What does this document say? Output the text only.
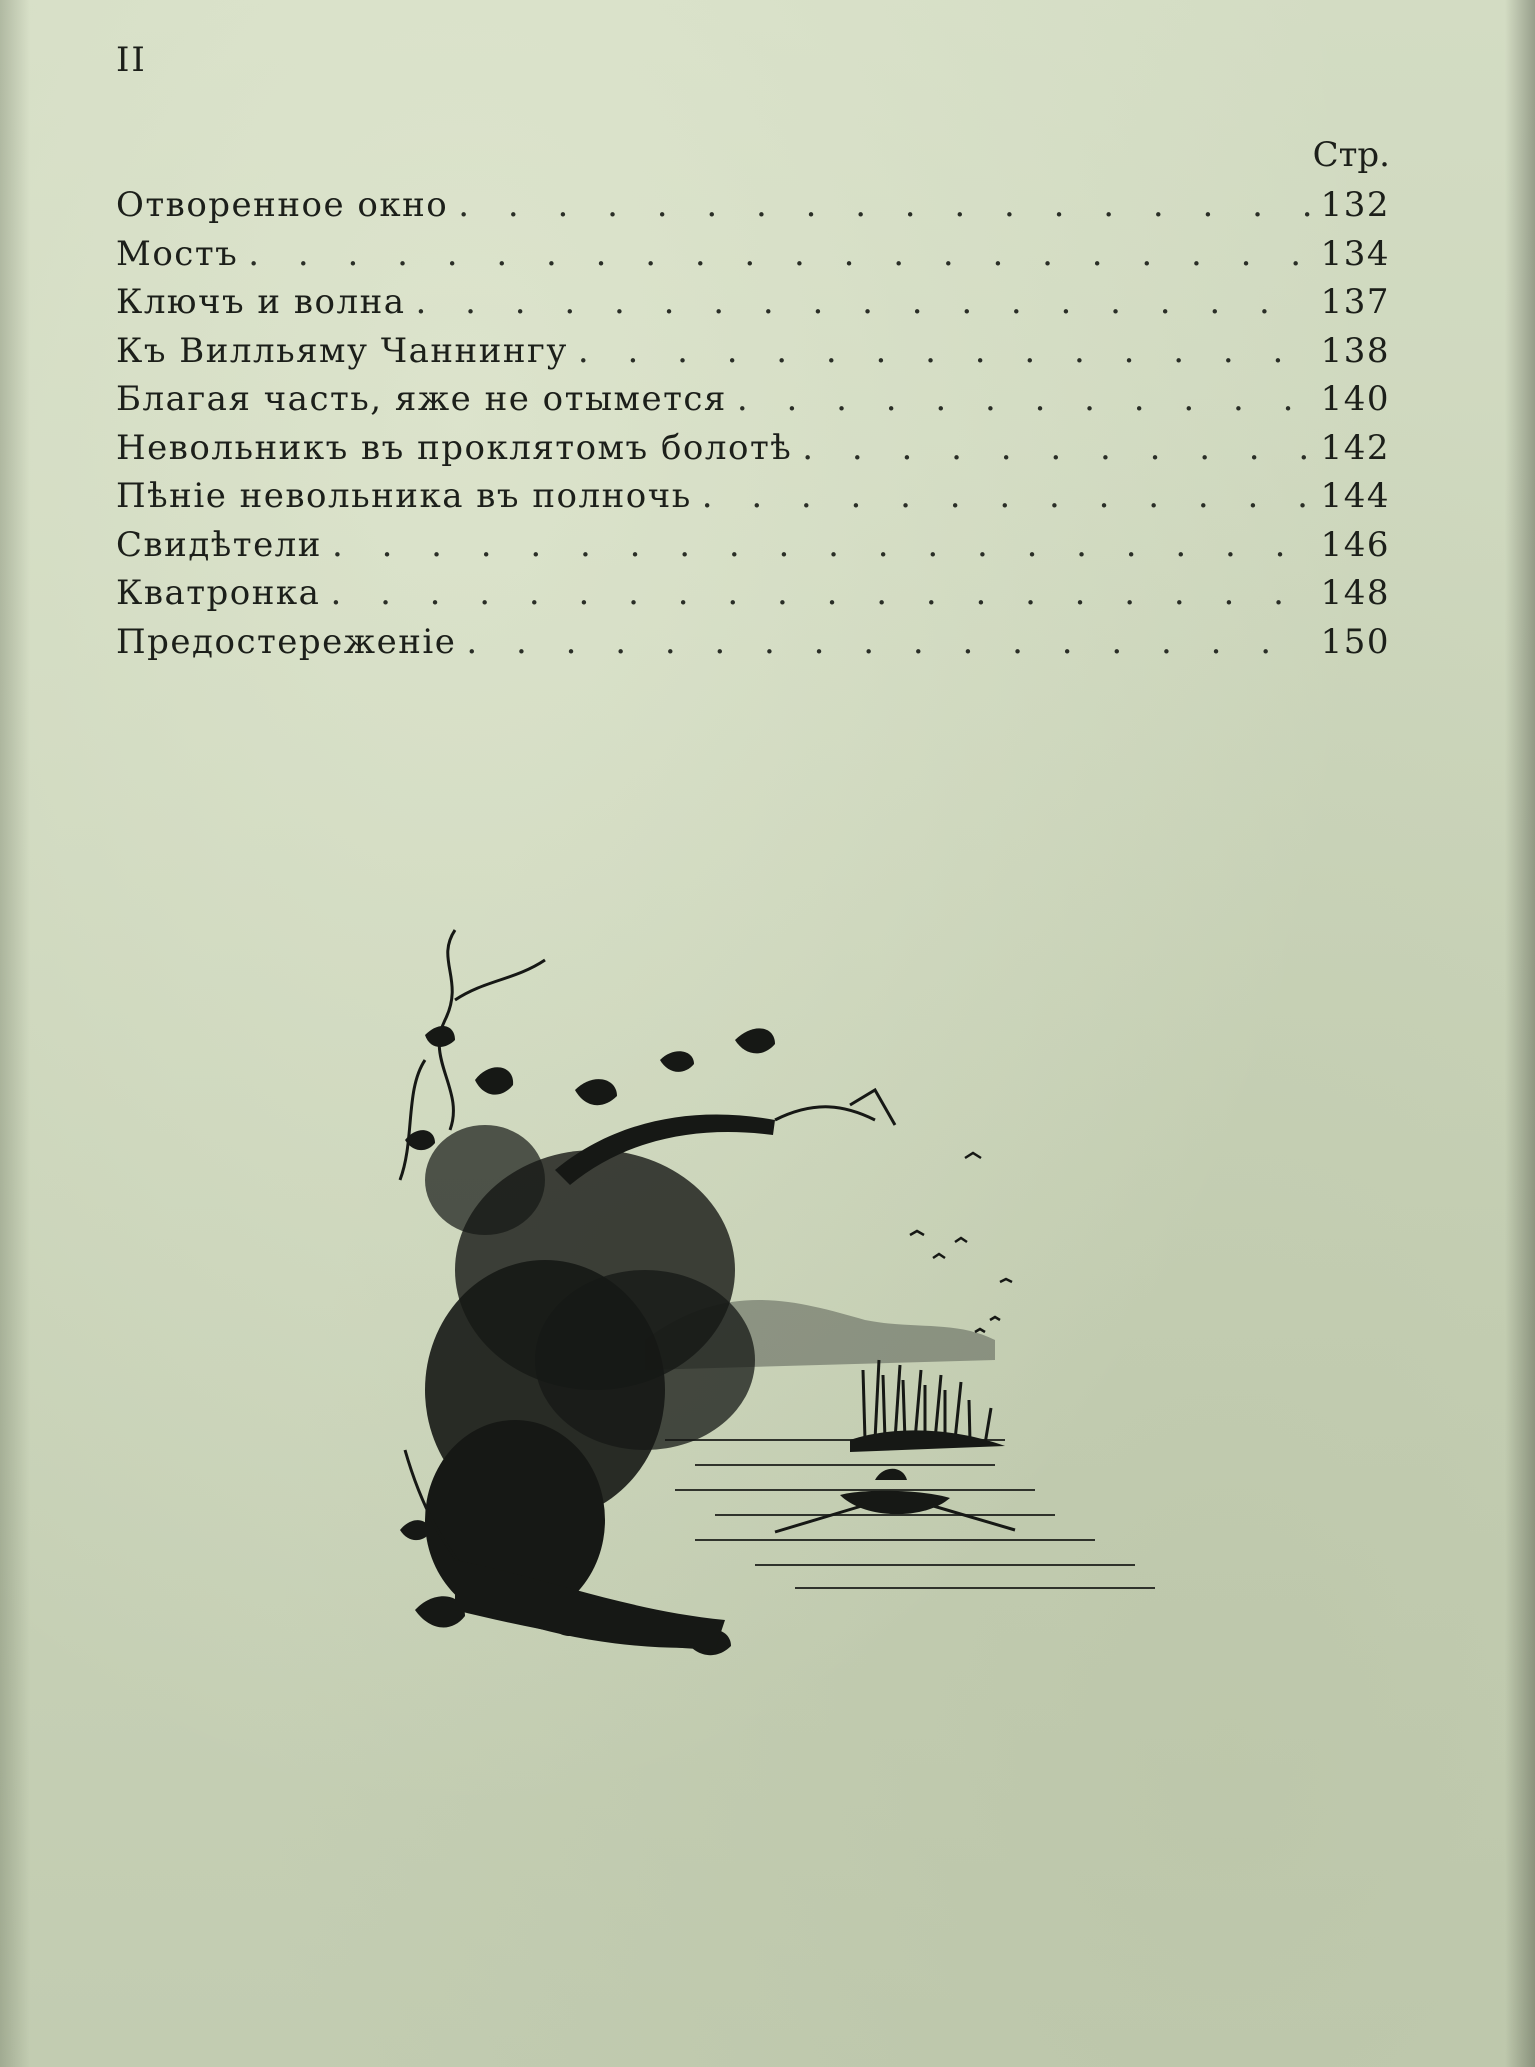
II
Стр.
Отворенное окно . . .	132
Мостъ . . .	134
Ключъ и волна . . .	137
Къ Вилльяму Чаннингу . . .	138
Благая часть, яже не отымется . . .	140
Невольникъ въ проклятомъ болотѣ . . .	142
Пѣніе невольника въ полночь . . .	144
Свидѣтели . . .	146
Кватронка . . .	148
Предостереженіе . . .	150
